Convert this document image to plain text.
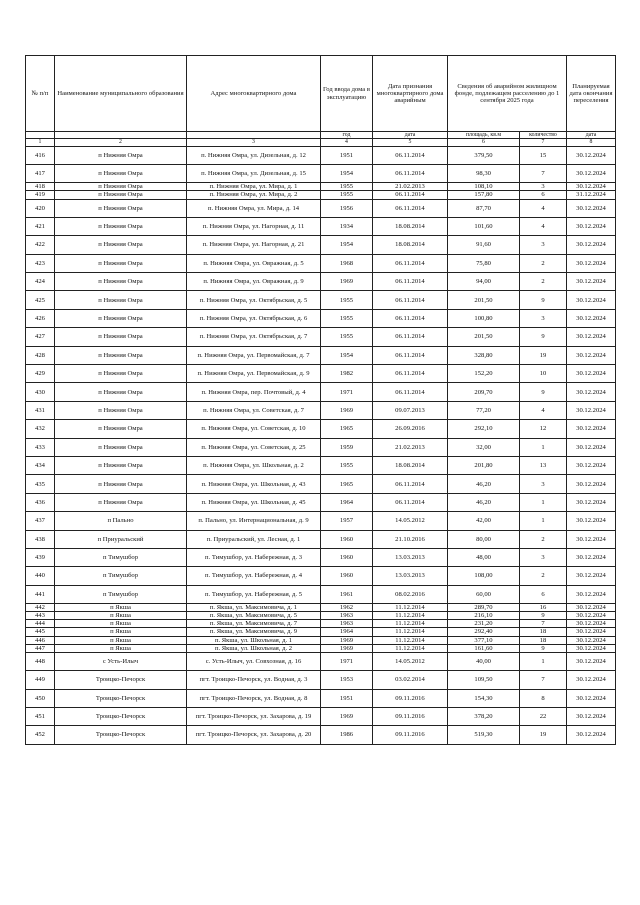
№ п/п	Наименование муниципального образования	Адрес многоквартирного дома	Год ввода дома в эксплуатацию	Дата признания многоквартирного дома аварийным	Сведения об аварийном жилищном фонде, подлежащем расселению до 1 сентября 2025 года		Планируемая дата окончания переселения
			год	дата	площадь, кв.м	количество	дата
1	2	3	4	5	6	7	8
416	п Нижняя Омра	п. Нижняя Омра, ул. Дизельная, д. 12	1951	06.11.2014	379,50	15	30.12.2024
417	п Нижняя Омра	п. Нижняя Омра, ул. Дизельная, д. 15	1954	06.11.2014	98,30	7	30.12.2024
418	п Нижняя Омра	п. Нижняя Омра, ул. Мира, д. 1	1955	21.02.2013	108,10	3	30.12.2024
419	п Нижняя Омра	п. Нижняя Омра, ул. Мира, д. 2	1955	06.11.2014	157,80	6	31.12.2024
420	п Нижняя Омра	п. Нижняя Омра, ул. Мира, д. 14	1956	06.11.2014	87,70	4	30.12.2024
421	п Нижняя Омра	п. Нижняя Омра, ул. Нагорная, д. 11	1934	18.08.2014	101,60	4	30.12.2024
422	п Нижняя Омра	п. Нижняя Омра, ул. Нагорная, д. 21	1954	18.08.2014	91,60	3	30.12.2024
423	п Нижняя Омра	п. Нижняя Омра, ул. Овражная, д. 5	1968	06.11.2014	75,80	2	30.12.2024
424	п Нижняя Омра	п. Нижняя Омра, ул. Овражная, д. 9	1969	06.11.2014	94,00	2	30.12.2024
425	п Нижняя Омра	п. Нижняя Омра, ул. Октябрьская, д. 5	1955	06.11.2014	201,50	9	30.12.2024
426	п Нижняя Омра	п. Нижняя Омра, ул. Октябрьская, д. 6	1955	06.11.2014	100,80	3	30.12.2024
427	п Нижняя Омра	п. Нижняя Омра, ул. Октябрьская, д. 7	1955	06.11.2014	201,50	9	30.12.2024
428	п Нижняя Омра	п. Нижняя Омра, ул. Первомайская, д. 7	1954	06.11.2014	328,80	19	30.12.2024
429	п Нижняя Омра	п. Нижняя Омра, ул. Первомайская, д. 9	1982	06.11.2014	152,20	10	30.12.2024
430	п Нижняя Омра	п. Нижняя Омра, пер. Почтовый, д. 4	1971	06.11.2014	209,70	9	30.12.2024
431	п Нижняя Омра	п. Нижняя Омра, ул. Советская, д. 7	1969	09.07.2013	77,20	4	30.12.2024
432	п Нижняя Омра	п. Нижняя Омра, ул. Советская, д. 10	1965	26.09.2016	292,10	12	30.12.2024
433	п Нижняя Омра	п. Нижняя Омра, ул. Советская, д. 25	1959	21.02.2013	32,00	1	30.12.2024
434	п Нижняя Омра	п. Нижняя Омра, ул. Школьная, д. 2	1955	18.08.2014	201,80	13	30.12.2024
435	п Нижняя Омра	п. Нижняя Омра, ул. Школьная, д. 43	1965	06.11.2014	46,20	3	30.12.2024
436	п Нижняя Омра	п. Нижняя Омра, ул. Школьная, д. 45	1964	06.11.2014	46,20	1	30.12.2024
437	п Пально	п. Пально, ул. Интернациональная, д. 9	1957	14.05.2012	42,00	1	30.12.2024
438	п Приуральский	п. Приуральский, ул. Лесная, д. 1	1960	21.10.2016	80,00	2	30.12.2024
439	п Тимушбор	п. Тимушбор, ул. Набережная, д. 3	1960	13.03.2013	48,00	3	30.12.2024
440	п Тимушбор	п. Тимушбор, ул. Набережная, д. 4	1960	13.03.2013	108,00	2	30.12.2024
441	п Тимушбор	п. Тимушбор, ул. Набережная, д. 5	1961	08.02.2016	60,00	6	30.12.2024
442	п Якша	п. Якша, ул. Максимовича, д. 1	1962	11.12.2014	289,70	16	30.12.2024
443	п Якша	п. Якша, ул. Максимовича, д. 5	1963	11.12.2014	216,10	9	30.12.2024
444	п Якша	п. Якша, ул. Максимовича, д. 7	1963	11.12.2014	231,20	7	30.12.2024
445	п Якша	п. Якша, ул. Максимовича, д. 9	1964	11.12.2014	292,40	18	30.12.2024
446	п Якша	п. Якша, ул. Школьная, д. 1	1969	11.12.2014	377,10	18	30.12.2024
447	п Якша	п. Якша, ул. Школьная, д. 2	1969	11.12.2014	161,60	9	30.12.2024
448	с Усть-Илыч	с. Усть-Илыч, ул. Совхозная, д. 16	1971	14.05.2012	40,00	1	30.12.2024
449	Троицко-Печорск	пгт. Троицко-Печорск, ул. Водная, д. 3	1953	03.02.2014	109,50	7	30.12.2024
450	Троицко-Печорск	пгт. Троицко-Печорск, ул. Водная, д. 8	1951	09.11.2016	154,30	8	30.12.2024
451	Троицко-Печорск	пгт. Троицко-Печорск, ул. Захарова, д. 19	1969	09.11.2016	378,20	22	30.12.2024
452	Троицко-Печорск	пгт. Троицко-Печорск, ул. Захарова, д. 20	1986	09.11.2016	519,30	19	30.12.2024
